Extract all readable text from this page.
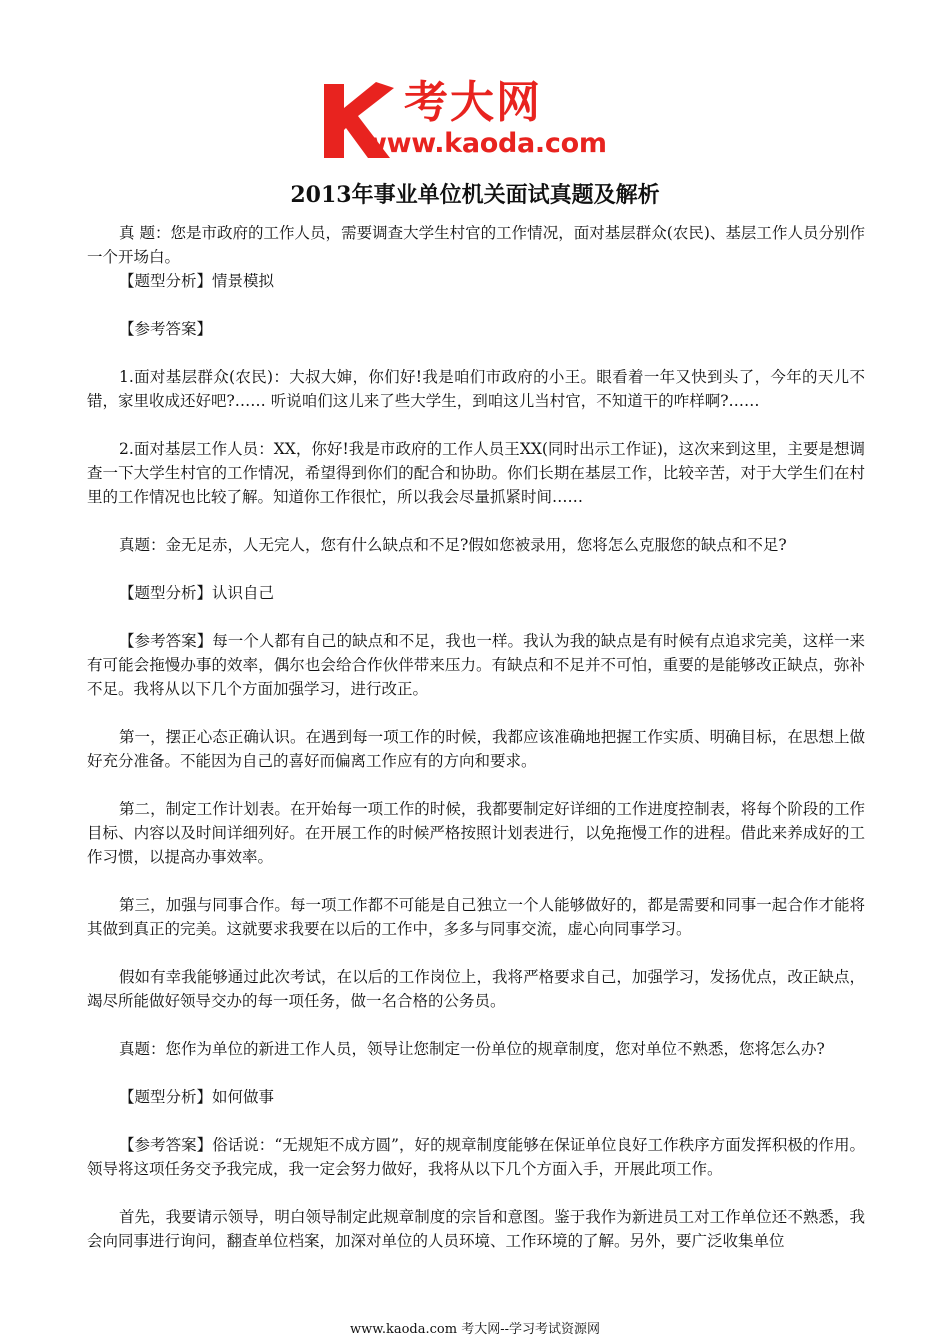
考大网
www.kaoda.com
2013年事业单位机关面试真题及解析

真 题：您是市政府的工作人员，需要调查大学生村官的工作情况，面对基层群众(农民)、基层工作人员分别作一个开场白。

【题型分析】情景模拟

【参考答案】

1.面对基层群众(农民)：大叔大婶，你们好!我是咱们市政府的小王。眼看着一年又快到头了，今年的天儿不错，家里收成还好吧?…… 听说咱们这儿来了些大学生，到咱这儿当村官，不知道干的咋样啊?……

2.面对基层工作人员：XX，你好!我是市政府的工作人员王XX(同时出示工作证)，这次来到这里，主要是想调查一下大学生村官的工作情况，希望得到你们的配合和协助。你们长期在基层工作，比较辛苦，对于大学生们在村里的工作情况也比较了解。知道你工作很忙，所以我会尽量抓紧时间……

真题：金无足赤，人无完人，您有什么缺点和不足?假如您被录用，您将怎么克服您的缺点和不足?

【题型分析】认识自己

【参考答案】每一个人都有自己的缺点和不足，我也一样。我认为我的缺点是有时候有点追求完美，这样一来有可能会拖慢办事的效率，偶尔也会给合作伙伴带来压力。有缺点和不足并不可怕，重要的是能够改正缺点，弥补不足。我将从以下几个方面加强学习，进行改正。

第一，摆正心态正确认识。在遇到每一项工作的时候，我都应该准确地把握工作实质、明确目标，在思想上做好充分准备。不能因为自己的喜好而偏离工作应有的方向和要求。

第二，制定工作计划表。在开始每一项工作的时候，我都要制定好详细的工作进度控制表，将每个阶段的工作目标、内容以及时间详细列好。在开展工作的时候严格按照计划表进行，以免拖慢工作的进程。借此来养成好的工作习惯，以提高办事效率。

第三，加强与同事合作。每一项工作都不可能是自己独立一个人能够做好的，都是需要和同事一起合作才能将其做到真正的完美。这就要求我要在以后的工作中，多多与同事交流，虚心向同事学习。

假如有幸我能够通过此次考试，在以后的工作岗位上，我将严格要求自己，加强学习，发扬优点，改正缺点，竭尽所能做好领导交办的每一项任务，做一名合格的公务员。

真题：您作为单位的新进工作人员，领导让您制定一份单位的规章制度，您对单位不熟悉，您将怎么办?

【题型分析】如何做事

【参考答案】俗话说：“无规矩不成方圆”，好的规章制度能够在保证单位良好工作秩序方面发挥积极的作用。领导将这项任务交予我完成，我一定会努力做好，我将从以下几个方面入手，开展此项工作。

首先，我要请示领导，明白领导制定此规章制度的宗旨和意图。鉴于我作为新进员工对工作单位还不熟悉，我会向同事进行询问，翻查单位档案，加深对单位的人员环境、工作环境的了解。另外，要广泛收集单位

www.kaoda.com 考大网--学习考试资源网
